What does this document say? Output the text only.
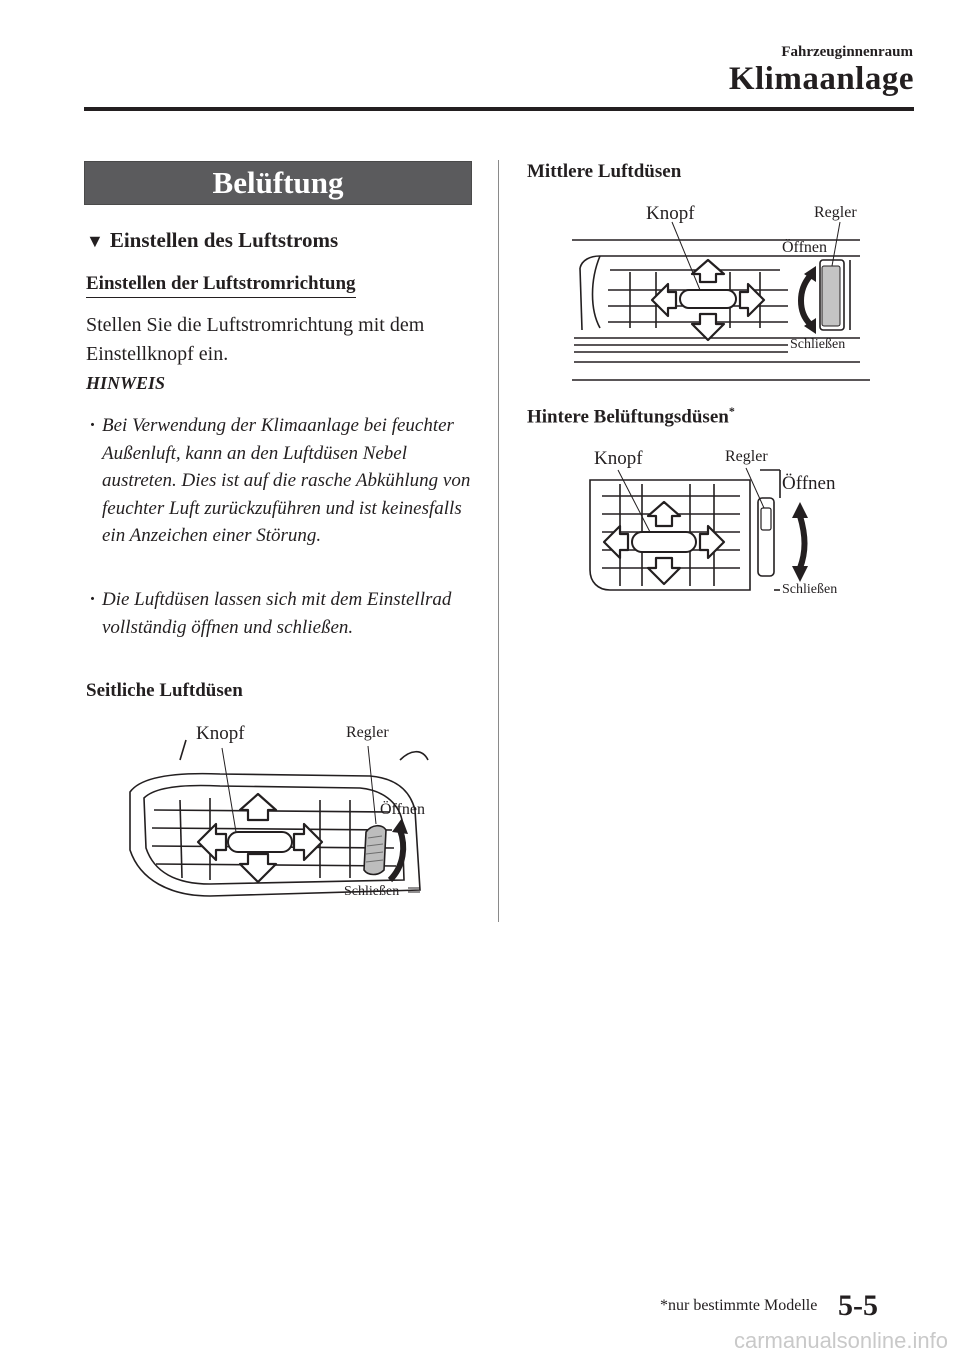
Fahrzeuginnenraum
Klimaanlage
Belüftung
▼ Einstellen des Luftstroms
Einstellen der Luftstromrichtung
Stellen Sie die Luftstromrichtung mit dem Einstellknopf ein.
HINWEIS
· Bei Verwendung der Klimaanlage bei feuchter Außenluft, kann an den Luftdüsen Nebel austreten. Dies ist auf die rasche Abkühlung von feuchter Luft zurückzuführen und ist keinesfalls ein Anzeichen einer Störung.
· Die Luftdüsen lassen sich mit dem Einstellrad vollständig öffnen und schließen.
Seitliche Luftdüsen
Knopf	Regler
Öffnen
Schließen
Mittlere Luftdüsen
Knopf	Regler
Öffnen
Schließen
Hintere Belüftungsdüsen*
Knopf	Regler
Öffnen
Schließen
*nur bestimmte Modelle 5-5
carmanualsonline.info
